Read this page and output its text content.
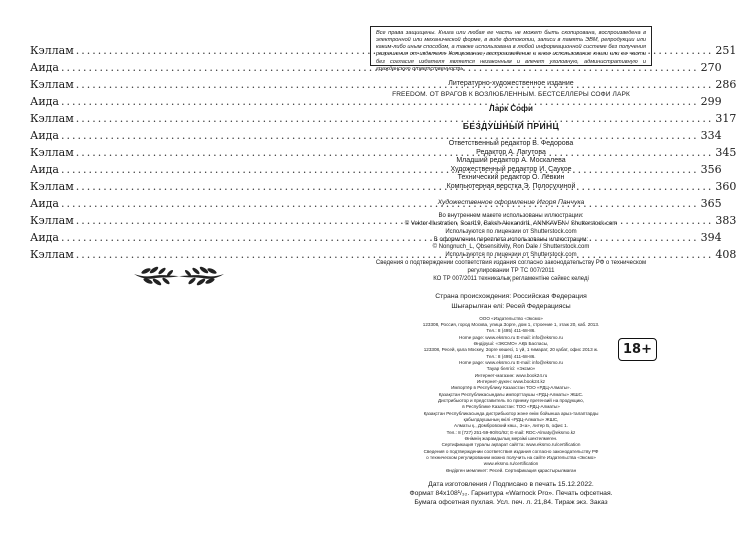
Кэллам .....	251
Аида .....	270
Кэллам .....	286
Аида .....	299
Кэллам .....	317
Аида .....	334
Кэллам .....	345
Аида .....	356
Кэллам .....	360
Аида .....	365
Кэллам .....	383
Аида .....	394
Кэллам .....	408
Все права защищены. Книга или любая ее часть не может быть скопирована, воспроизведена в электронной или механической форме, в виде фотокопии, записи в память ЭВМ, репродукции или каким-либо иным способом, а также использована в любой информационной системе без получения разрешения от издателя. Копирование, воспроизведение и иное использование книги или ее части без согласия издателя является незаконным и влечет уголовную, административную и гражданскую ответственность.
Литературно-художественное издание
FREEDOM. ОТ ВРАГОВ К ВОЗЛЮБЛЕННЫМ. БЕСТСЕЛЛЕРЫ СОФИ ЛАРК
Ларк Софи
БЕЗДУШНЫЙ ПРИНЦ
Ответственный редактор В. Федорова
Редактор А. Лагутова
Младший редактор А. Москалева
Художественный редактор И. Саукое
Технический редактор О. Лёвкин
Компьютерная верстка Э. Полосухиной
Художественное оформление Игоря Панчука
Во внутреннем макете использованы иллюстрации:
© Vektor Illustration, Scarl19, Baksh Alexandrl1, ANNKAVEN / Shutterstock.com
Используются по лицензии от Shutterstock.com
В оформлении переплета использованы иллюстрации:
© Nongnuch_L, Qbsensitivity, Ron Dale / Shutterstock.com
Используются по лицензии от Shutterstock.com
Сведения о подтверждении соответствия издания согласно законодательству РФ о техническом регулировании ТР ТС 007/2011
КО ТР 007/2011 техникалық регламентіне сәйкес келеді
Страна происхождения: Российская Федерация
Шығарылған елі: Ресей Федерациясы
ООО «Издательство «Эксмо»
123308, Россия, город Москва, улица Зорге, дом 1, строение 1, этаж 20, каб. 2013.
Тел.: 8 (495) 411-68-86.
Home page: www.eksmo.ru E-mail: info@eksmo.ru
Өндіруші: «ЭКСМО» АҚБ Баспасы,
123308, Ресей, қала Мәскеу, Зорге көшесі, 1 үй, 1 ғимарат, 20 қабат, офис 2013 ж.
Тел.: 8 (495) 411-68-86.
Home page: www.eksmo.ru E-mail: info@eksmo.ru
Тауар белгісі: «Эксмо»
Интернет-магазин: www.book24.ru
Интернет-дүкен: www.book24.kz
Импортёр в Республику Казахстан ТОО «РДЦ-Алматы».
Қазақстан Республикасындағы импорттаушы «РДЦ-Алматы» ЖШС.
Дистрибьютор и представитель по приему претензий на продукцию,
в Республике Казахстан: ТОО «РДЦ-Алматы»
Қазақстан Республикасында дистрибьютор және өнім бойынша арыз-талаптарды
қабылдаушының өкілі «РДЦ-Алматы» ЖШС,
Алматы қ., Домбровский көш., 3«а», литер Б, офис 1.
Тел.: 8 (727) 251-59-90/91/92; E-mail: RDC-Almaty@eksmo.kz
Өнімнің жарамдылық мерзімі шектелмеген.
Сертификация туралы ақпарат сайтта: www.eksmo.ru/certification
Сведения о подтверждении соответствия издания согласно законодательству РФ
о техническом регулировании можно получить на сайте Издательства «Эксмо»
www.eksmo.ru/certification
Өндірген мемлекет: Ресей. Сертификация қарастырылмаған
Дата изготовления / Подписано в печать 15.12.2022.
Формат 84x108¹/₃₂. Гарнитура «Warnock Pro». Печать офсетная.
Бумага офсетная пухлая. Усл. печ. л. 21,84. Тираж экз. Заказ
18+
